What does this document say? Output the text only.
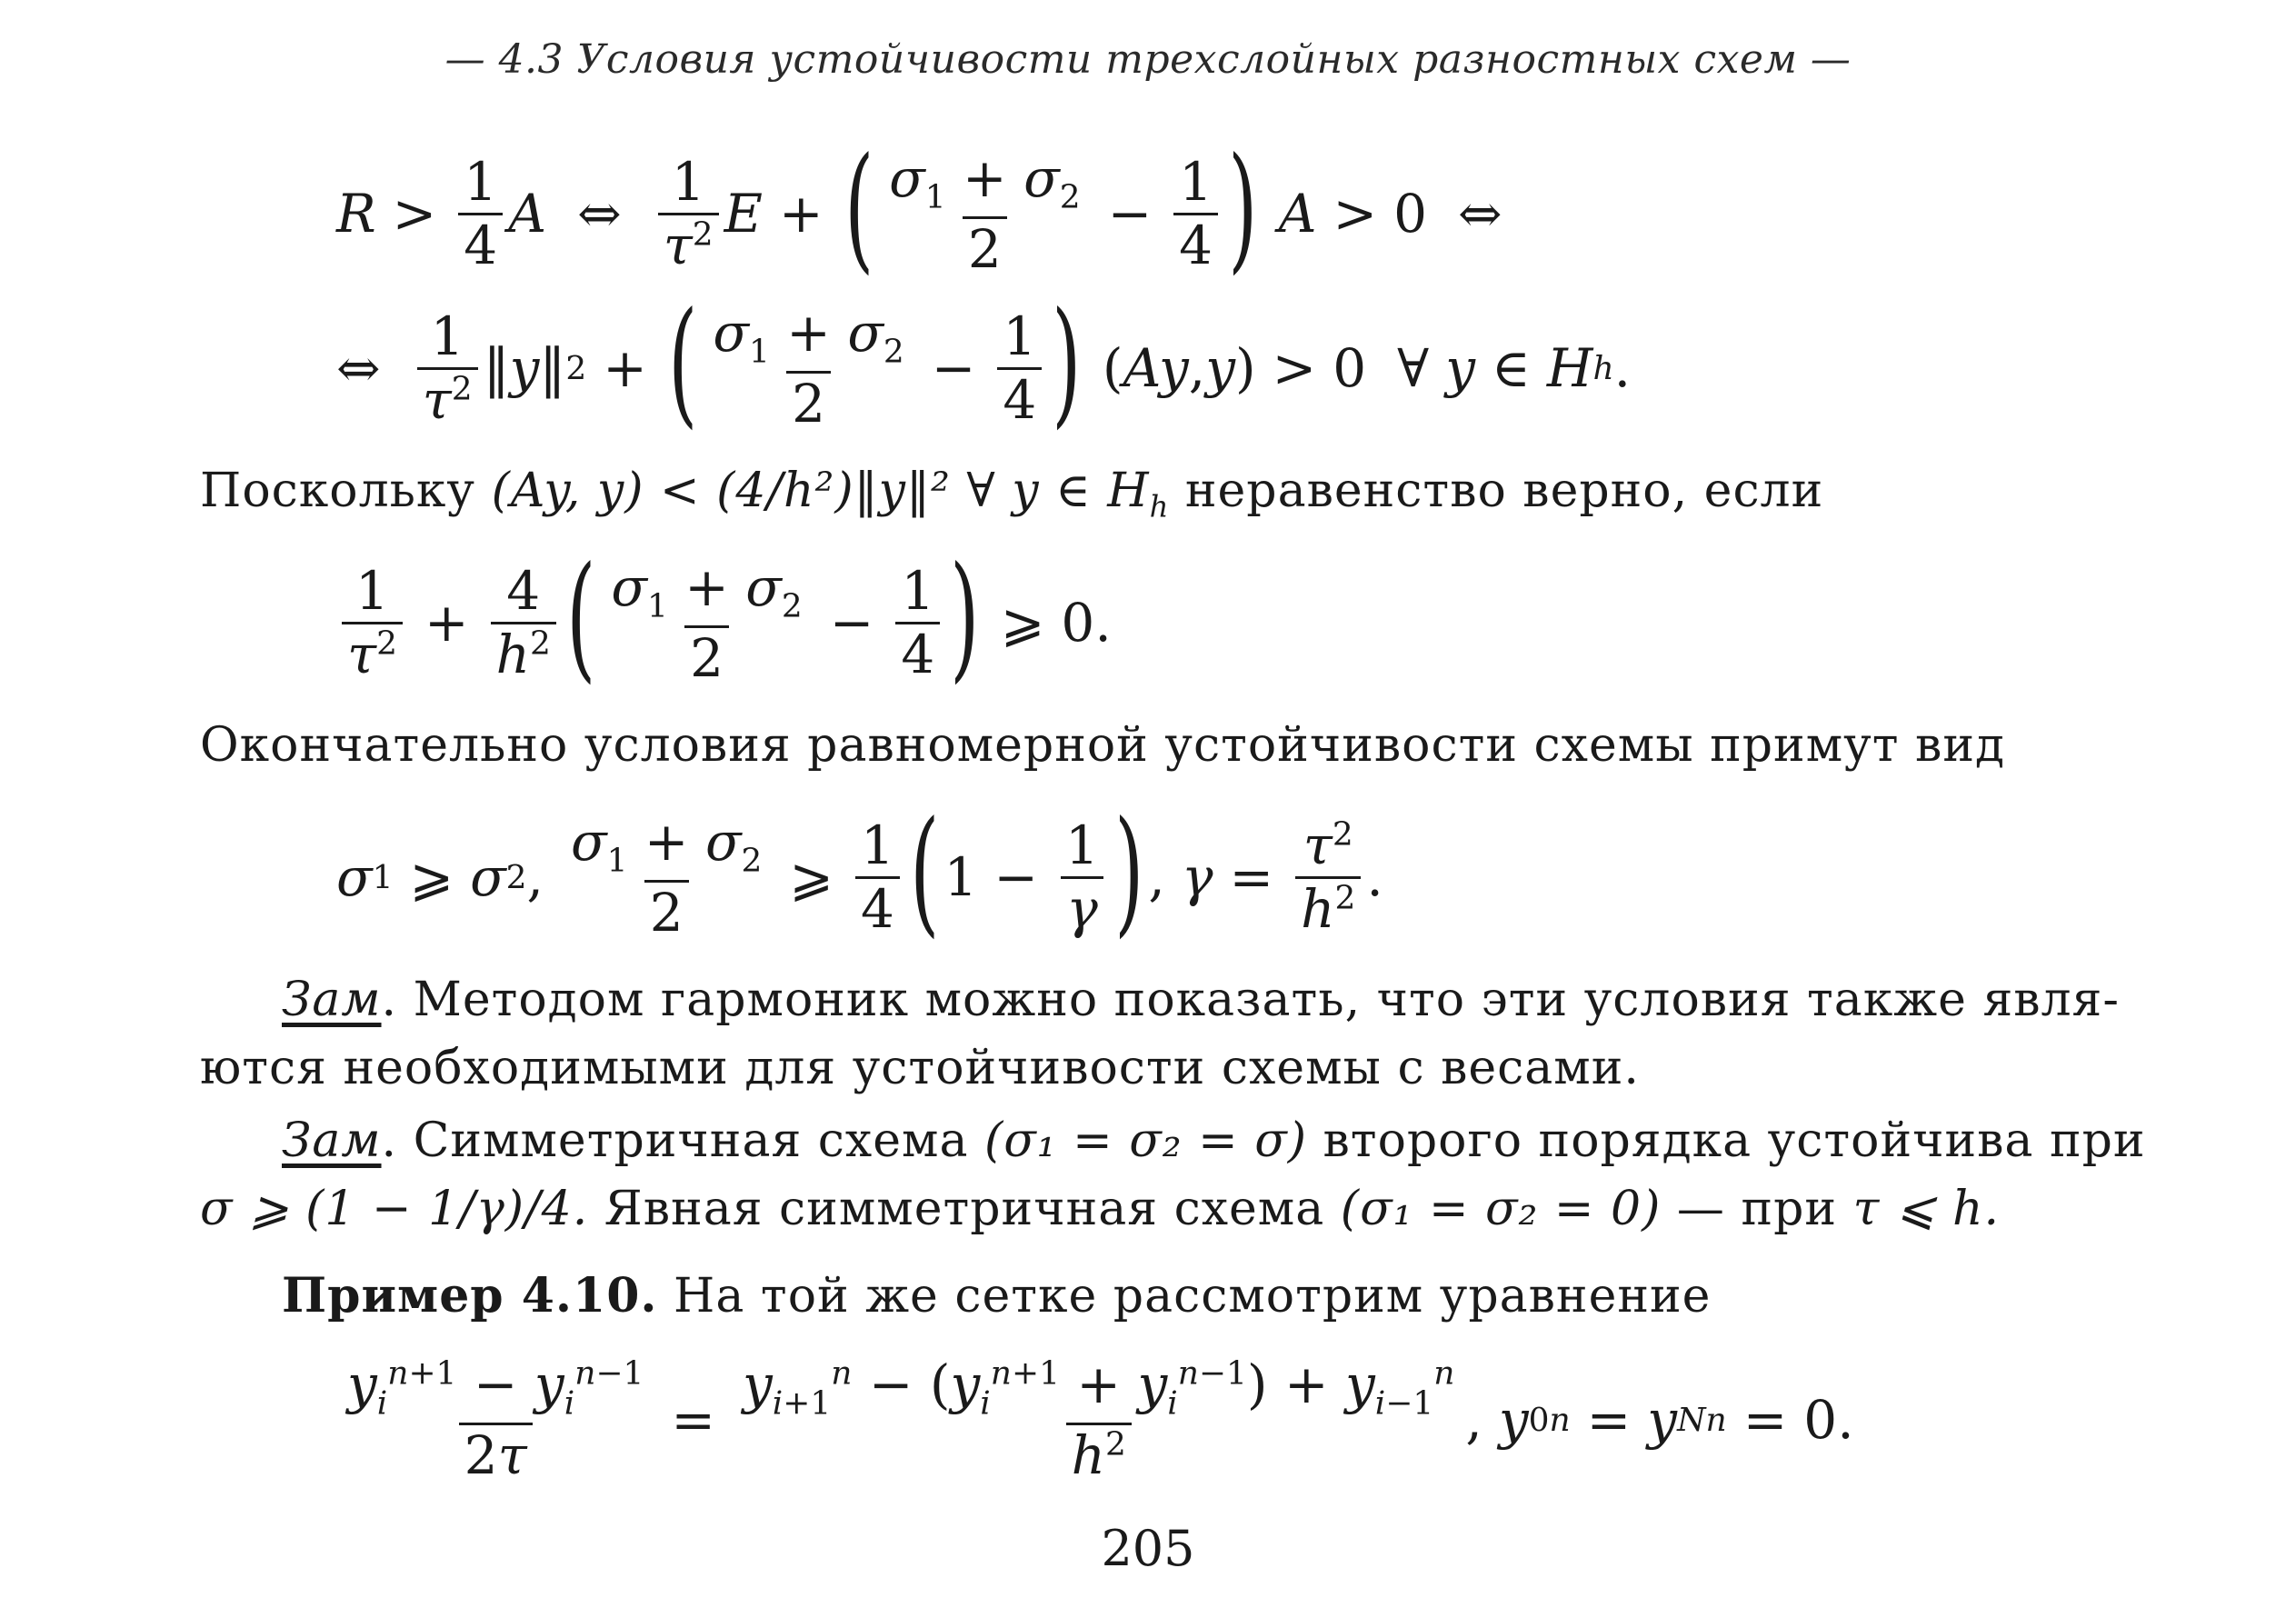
— 4.3 Условия устойчивости трехслойных разностных схем —
$R > \frac{1}{4}$ A ⇔ $\frac{1}{\tau^2}$ E + ( $\frac{\sigma_1 + \sigma_2}{2} - \frac{1}{4}$ ) A > 0 ⇔
⇔ $\frac{1}{\tau^2}$ ‖ y ‖ 2 + ( $\frac{\sigma_1 + \sigma_2}{2} - \frac{1}{4}$ ) ( Ay , y ) > 0 ∀ y ∈ H h .
Поскольку (Ay, y) < (4/h²)‖y‖² ∀ y ∈ $H_h$ неравенство верно, если
$\frac{1}{\tau^2} + \frac{4}{h^2}$ ( $\frac{\sigma_1 + \sigma_2}{2} - \frac{1}{4}$ ) ⩾ 0.
Окончательно условия равномерной устойчивости схемы примут вид
σ 1 ⩾ σ 2 , $\frac{\sigma_1 + \sigma_2}{2}$ ⩾ $\frac{1}{4}$ ( $1 - \frac{1}{\gamma}$ ) , $\gamma = \frac{\tau^2}{h^2}$ .
Зам. Методом гармоник можно показать, что эти условия также явля-
ются необходимыми для устойчивости схемы с весами.
Зам. Симметричная схема (σ₁ = σ₂ = σ) второго порядка устойчива при
σ ⩾ (1 − 1/γ)/4. Явная симметричная схема (σ₁ = σ₂ = 0) — при τ ⩽ h.
Пример 4.10. На той же сетке рассмотрим уравнение
$\frac{y_i^{n+1} - y_i^{n-1}}{2\tau} = \frac{y_{i+1}^n - (y_i^{n+1} + y_i^{n-1}) + y_{i-1}^n}{h^2}$ , y 0 n = y N n = 0.
205
